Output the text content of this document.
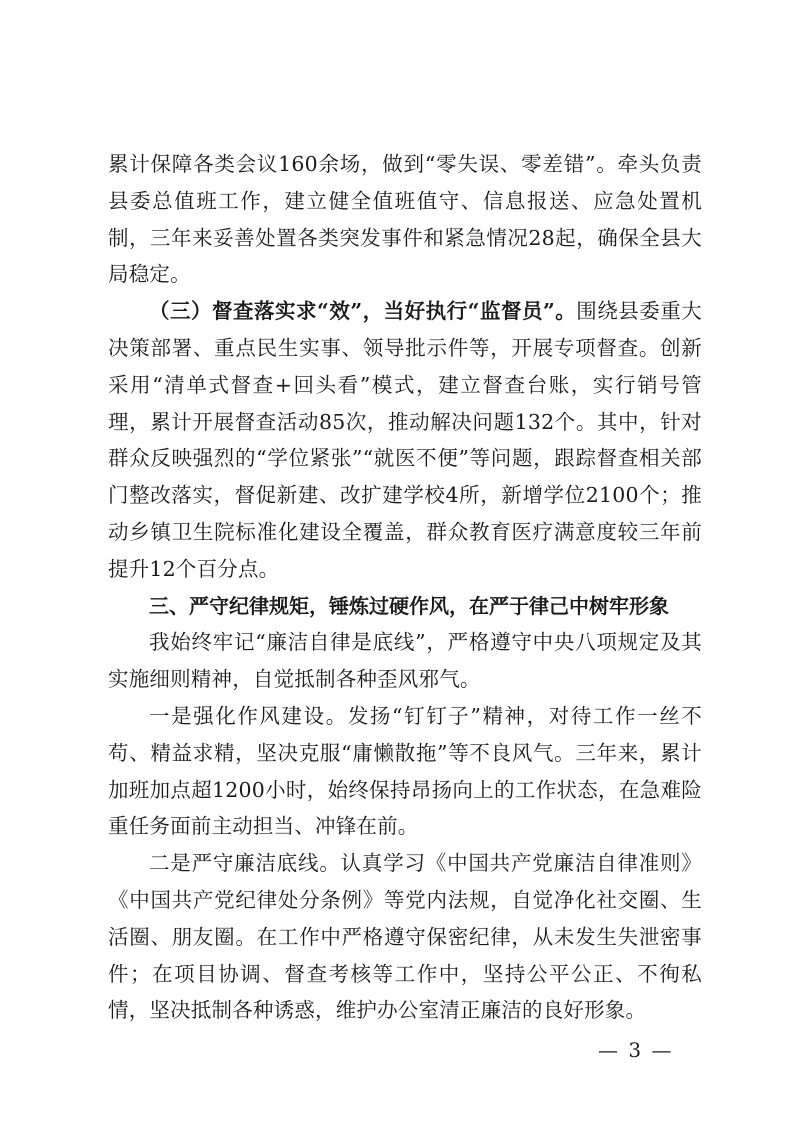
累计保障各类会议160余场，做到“零失误、零差错”。牵头负责县委总值班工作，建立健全值班值守、信息报送、应急处置机制，三年来妥善处置各类突发事件和紧急情况28起，确保全县大局稳定。

（三）督查落实求“效”，当好执行“监督员”。围绕县委重大决策部署、重点民生实事、领导批示件等，开展专项督查。创新采用“清单式督查+回头看”模式，建立督查台账，实行销号管理，累计开展督查活动85次，推动解决问题132个。其中，针对群众反映强烈的“学位紧张”“就医不便”等问题，跟踪督查相关部门整改落实，督促新建、改扩建学校4所，新增学位2100个；推动乡镇卫生院标准化建设全覆盖，群众教育医疗满意度较三年前提升12个百分点。

三、严守纪律规矩，锤炼过硬作风，在严于律己中树牢形象

我始终牢记“廉洁自律是底线”，严格遵守中央八项规定及其实施细则精神，自觉抵制各种歪风邪气。

一是强化作风建设。发扬“钉钉子”精神，对待工作一丝不苟、精益求精，坚决克服“庸懒散拖”等不良风气。三年来，累计加班加点超1200小时，始终保持昂扬向上的工作状态，在急难险重任务面前主动担当、冲锋在前。

二是严守廉洁底线。认真学习《中国共产党廉洁自律准则》《中国共产党纪律处分条例》等党内法规，自觉净化社交圈、生活圈、朋友圈。在工作中严格遵守保密纪律，从未发生失泄密事件；在项目协调、督查考核等工作中，坚持公平公正、不徇私情，坚决抵制各种诱惑，维护办公室清正廉洁的良好形象。

— 3 —
